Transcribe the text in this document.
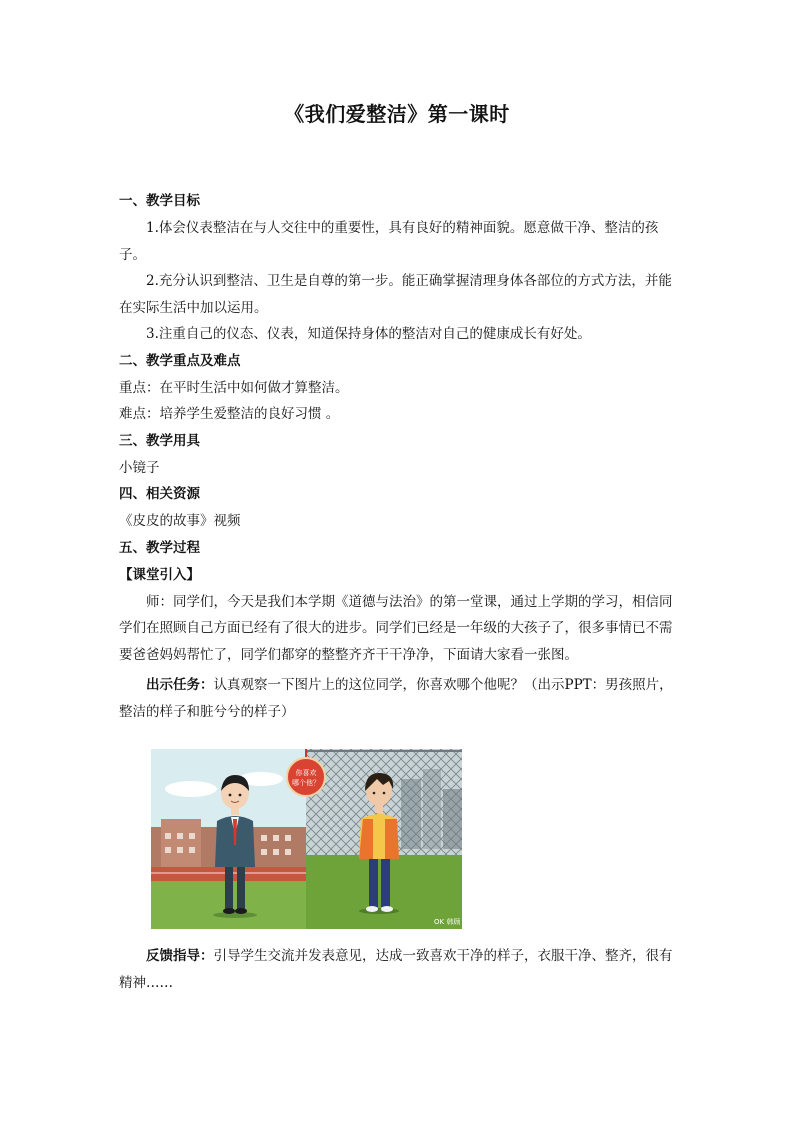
《我们爱整洁》第一课时
一、教学目标
1.体会仪表整洁在与人交往中的重要性，具有良好的精神面貌。愿意做干净、整洁的孩子。
2.充分认识到整洁、卫生是自尊的第一步。能正确掌握清理身体各部位的方式方法，并能在实际生活中加以运用。
3.注重自己的仪态、仪表，知道保持身体的整洁对自己的健康成长有好处。
二、教学重点及难点
重点：在平时生活中如何做才算整洁。
难点：培养学生爱整洁的良好习惯 。
三、教学用具
小镜子
四、相关资源
《皮皮的故事》视频
五、教学过程
【课堂引入】
师：同学们，今天是我们本学期《道德与法治》的第一堂课，通过上学期的学习，相信同学们在照顾自己方面已经有了很大的进步。同学们已经是一年级的大孩子了，很多事情已不需要爸爸妈妈帮忙了，同学们都穿的整整齐齐干干净净，下面请大家看一张图。
出示任务：认真观察一下图片上的这位同学，你喜欢哪个他呢？（出示PPT：男孩照片，整洁的样子和脏兮兮的样子）
你喜欢
哪个他？
OK 韩顾
反馈指导：引导学生交流并发表意见，达成一致喜欢干净的样子，衣服干净、整齐，很有精神……
